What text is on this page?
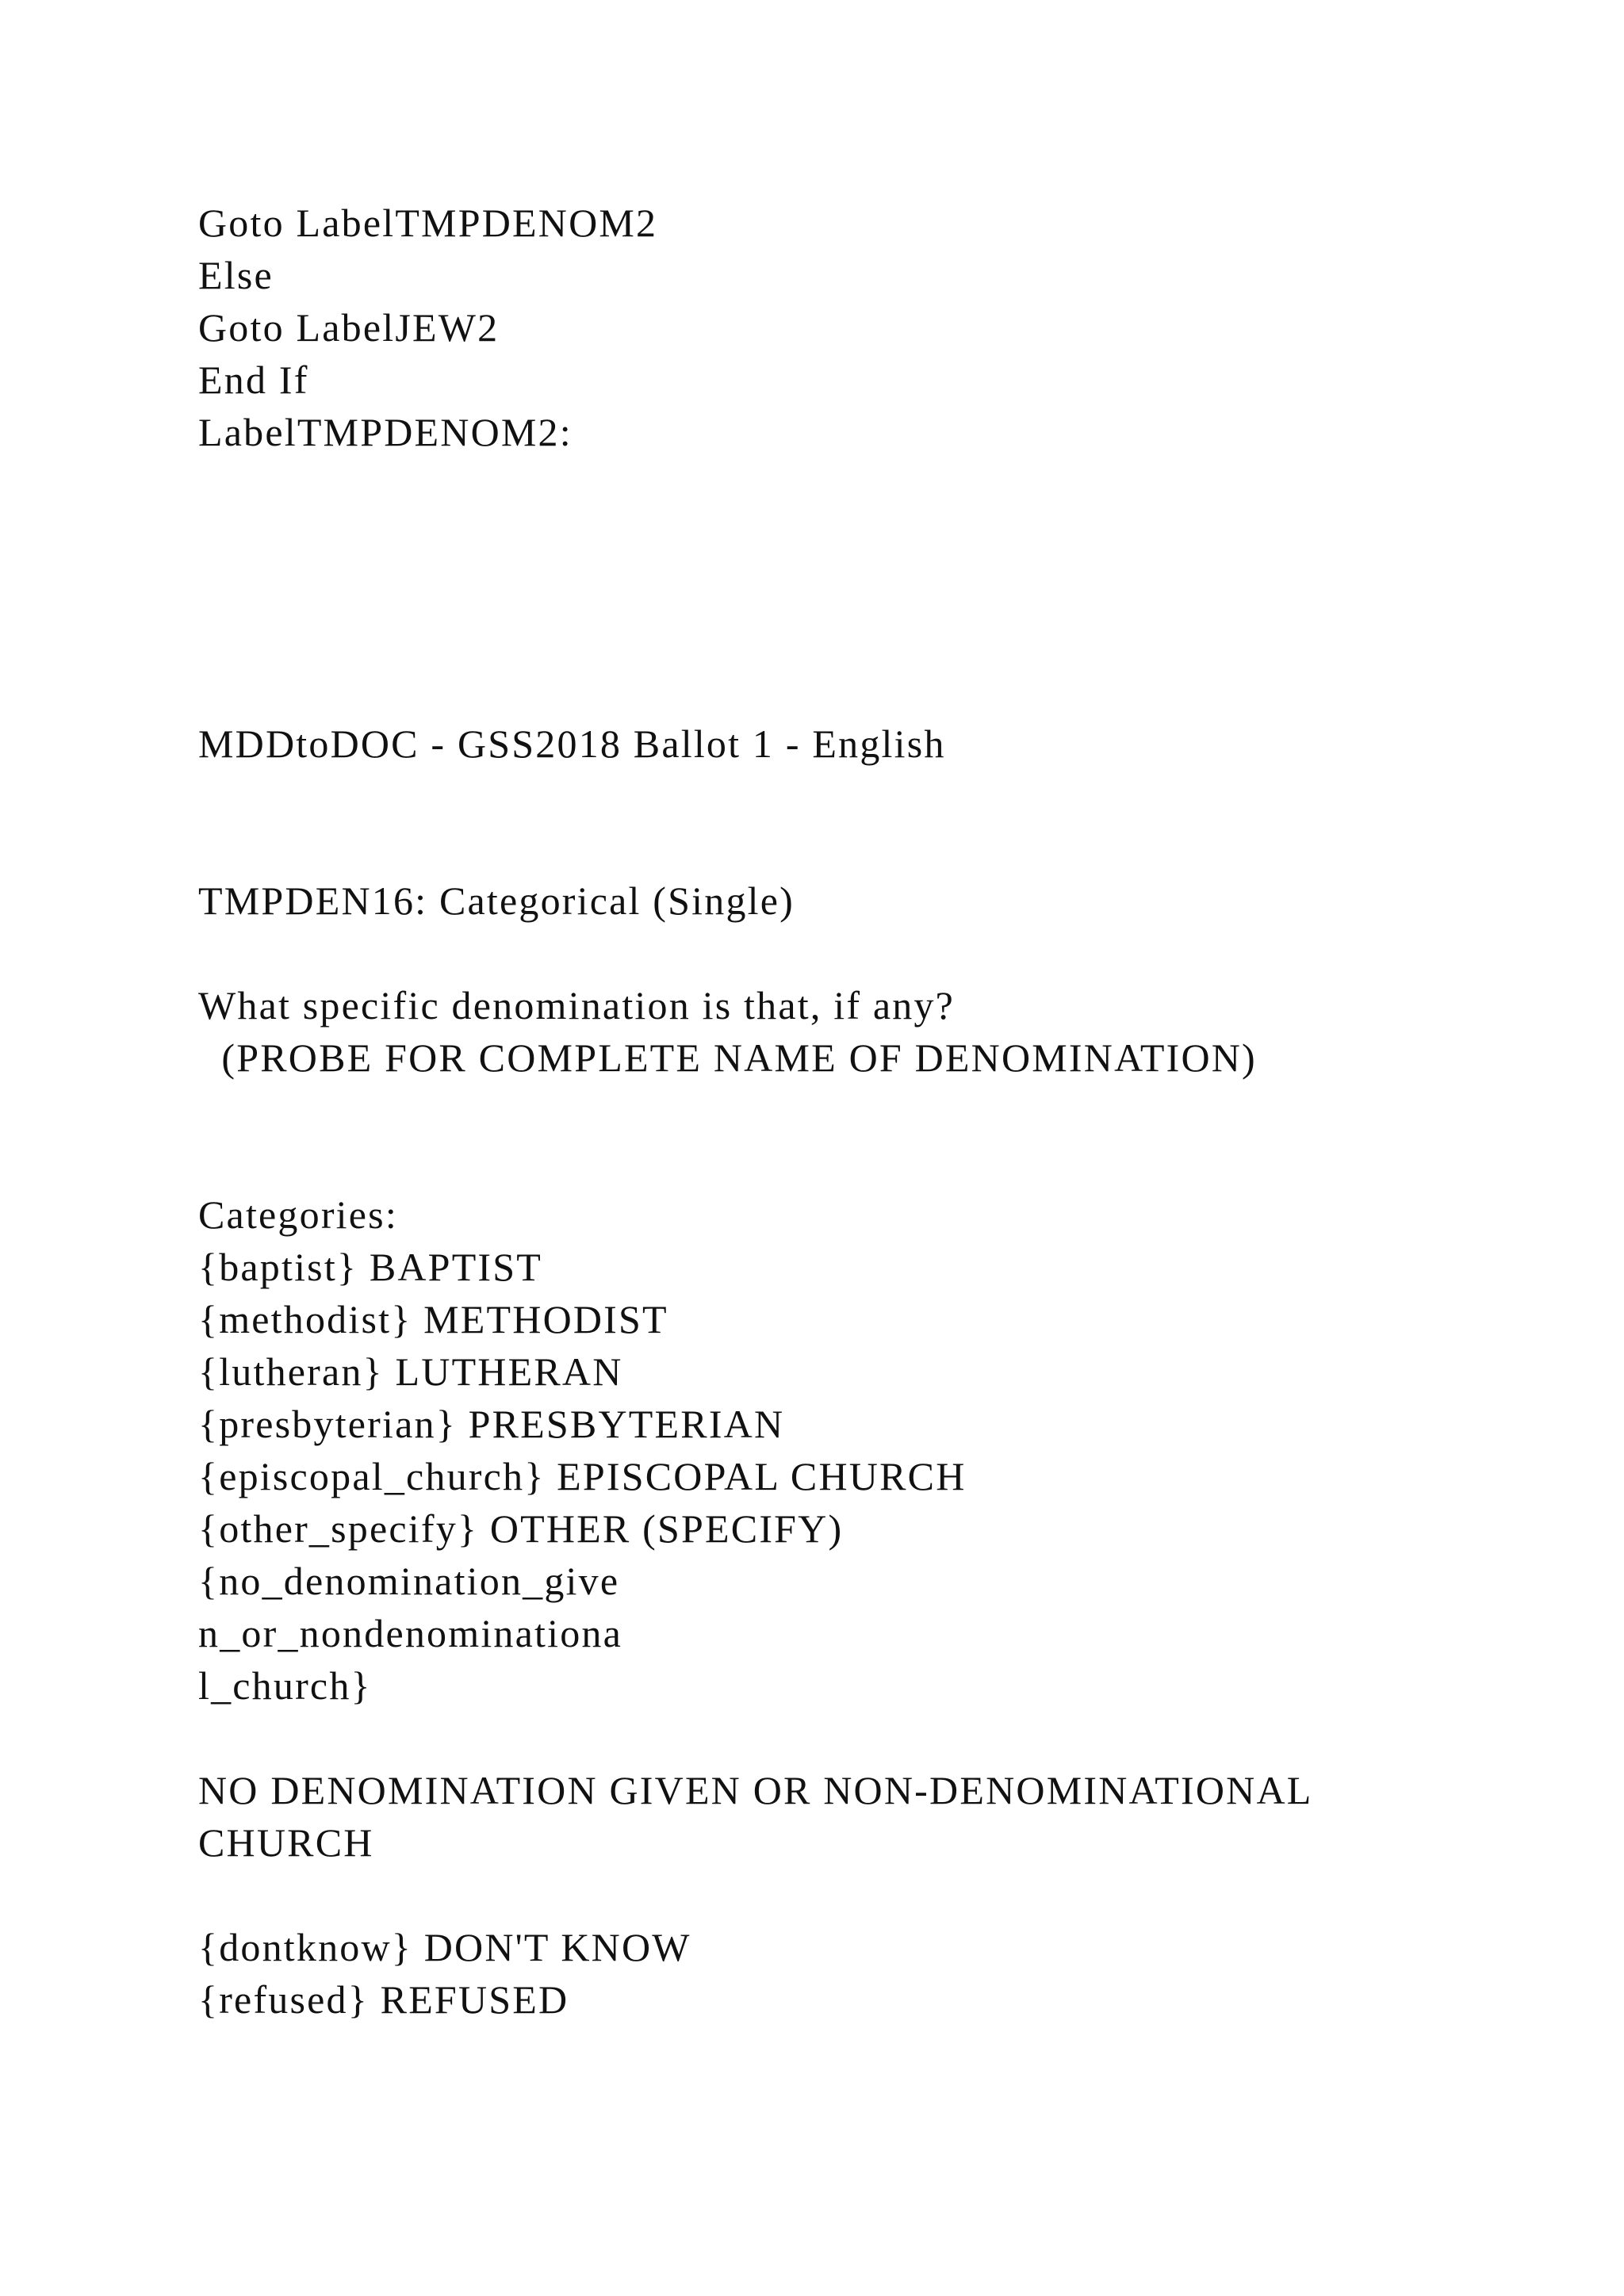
Goto LabelTMPDENOM2

Else

Goto LabelJEW2

End If

LabelTMPDENOM2:

MDDtoDOC - GSS2018 Ballot 1 - English

TMPDEN16: Categorical (Single)

What specific denomination is that, if any?

(PROBE FOR COMPLETE NAME OF DENOMINATION)

Categories:

{baptist} BAPTIST

{methodist} METHODIST

{lutheran} LUTHERAN

{presbyterian} PRESBYTERIAN

{episcopal_church} EPISCOPAL CHURCH

{other_specify} OTHER (SPECIFY)

{no_denomination_give

n_or_nondenominationa

l_church}

NO DENOMINATION GIVEN OR NON-DENOMINATIONAL

CHURCH

{dontknow} DON'T KNOW

{refused} REFUSED
